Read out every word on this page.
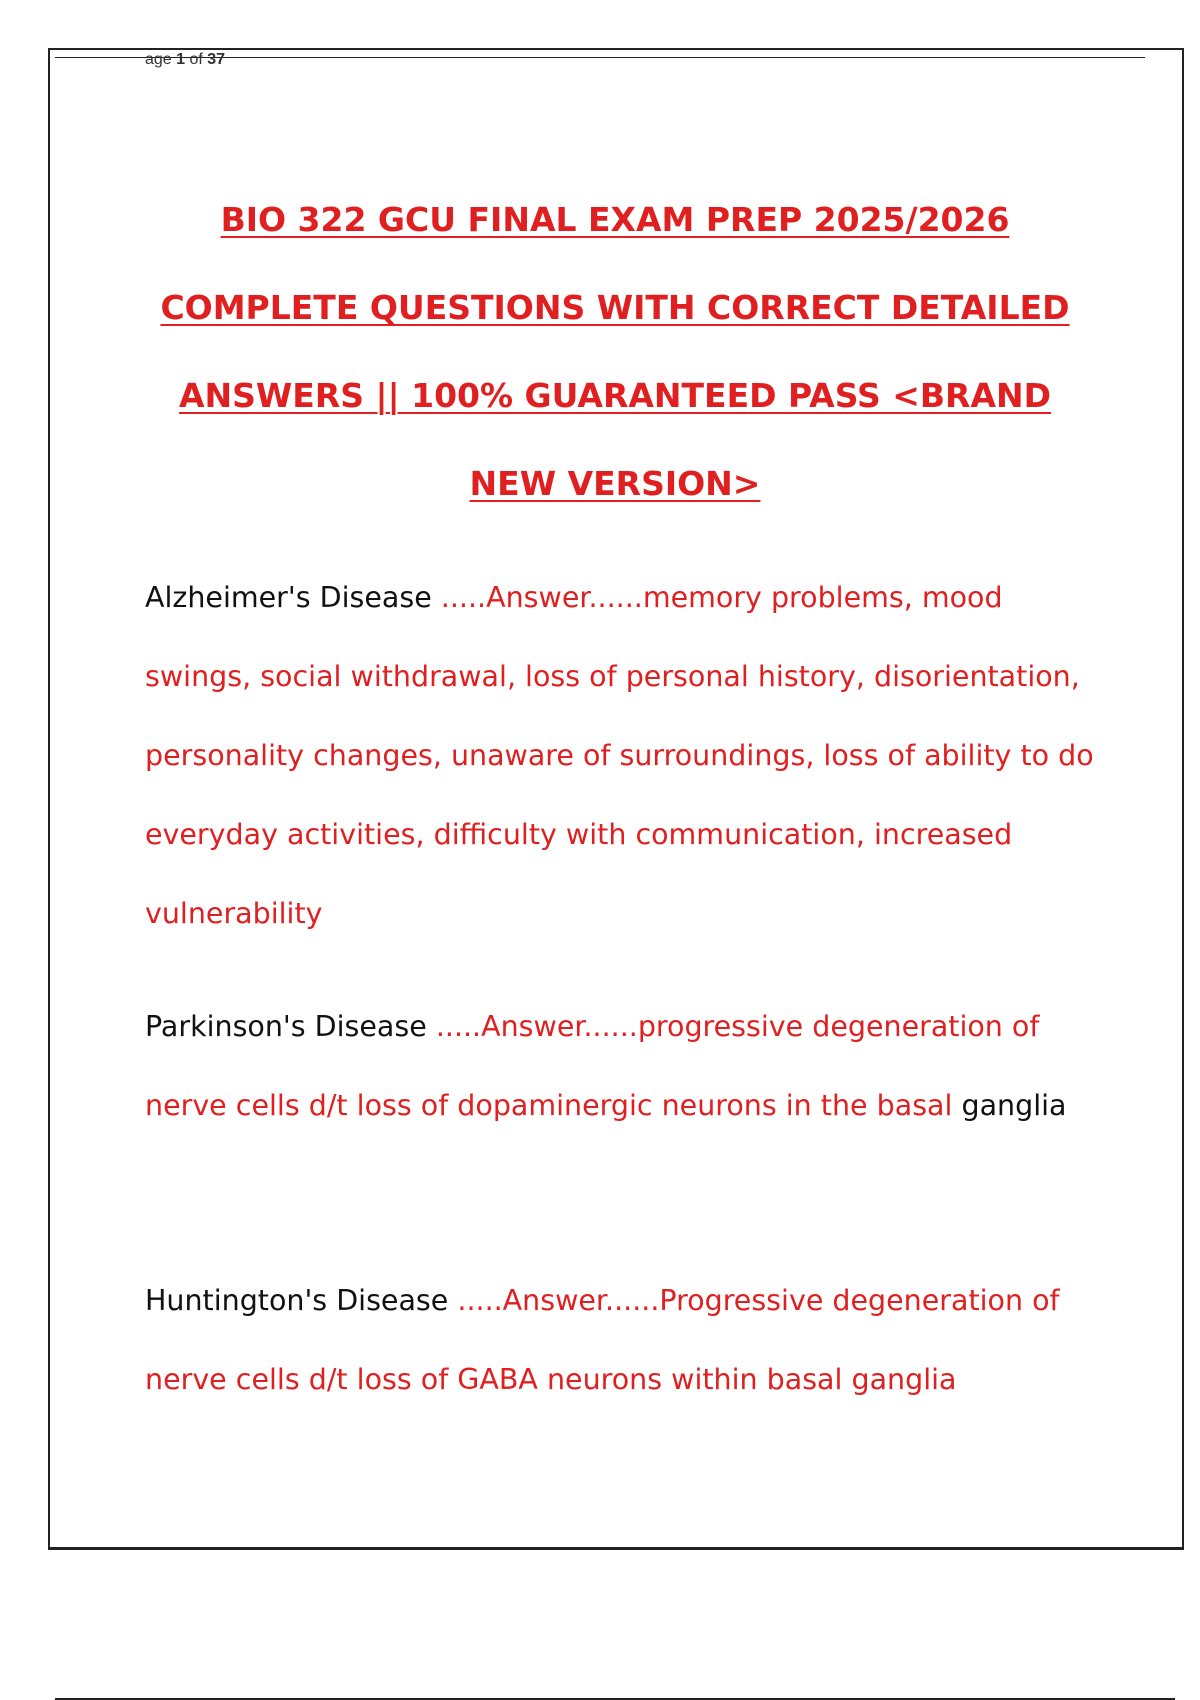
age 1 of 37
BIO 322 GCU FINAL EXAM PREP 2025/2026
COMPLETE QUESTIONS WITH CORRECT DETAILED
ANSWERS || 100% GUARANTEED PASS <BRAND
NEW VERSION>

Alzheimer's Disease .....Answer......memory problems, mood swings, social withdrawal, loss of personal history, disorientation, personality changes, unaware of surroundings, loss of ability to do everyday activities, difficulty with communication, increased vulnerability

Parkinson's Disease .....Answer......progressive degeneration of nerve cells d/t loss of dopaminergic neurons in the basal ganglia

Huntington's Disease .....Answer......Progressive degeneration of nerve cells d/t loss of GABA neurons within basal ganglia
